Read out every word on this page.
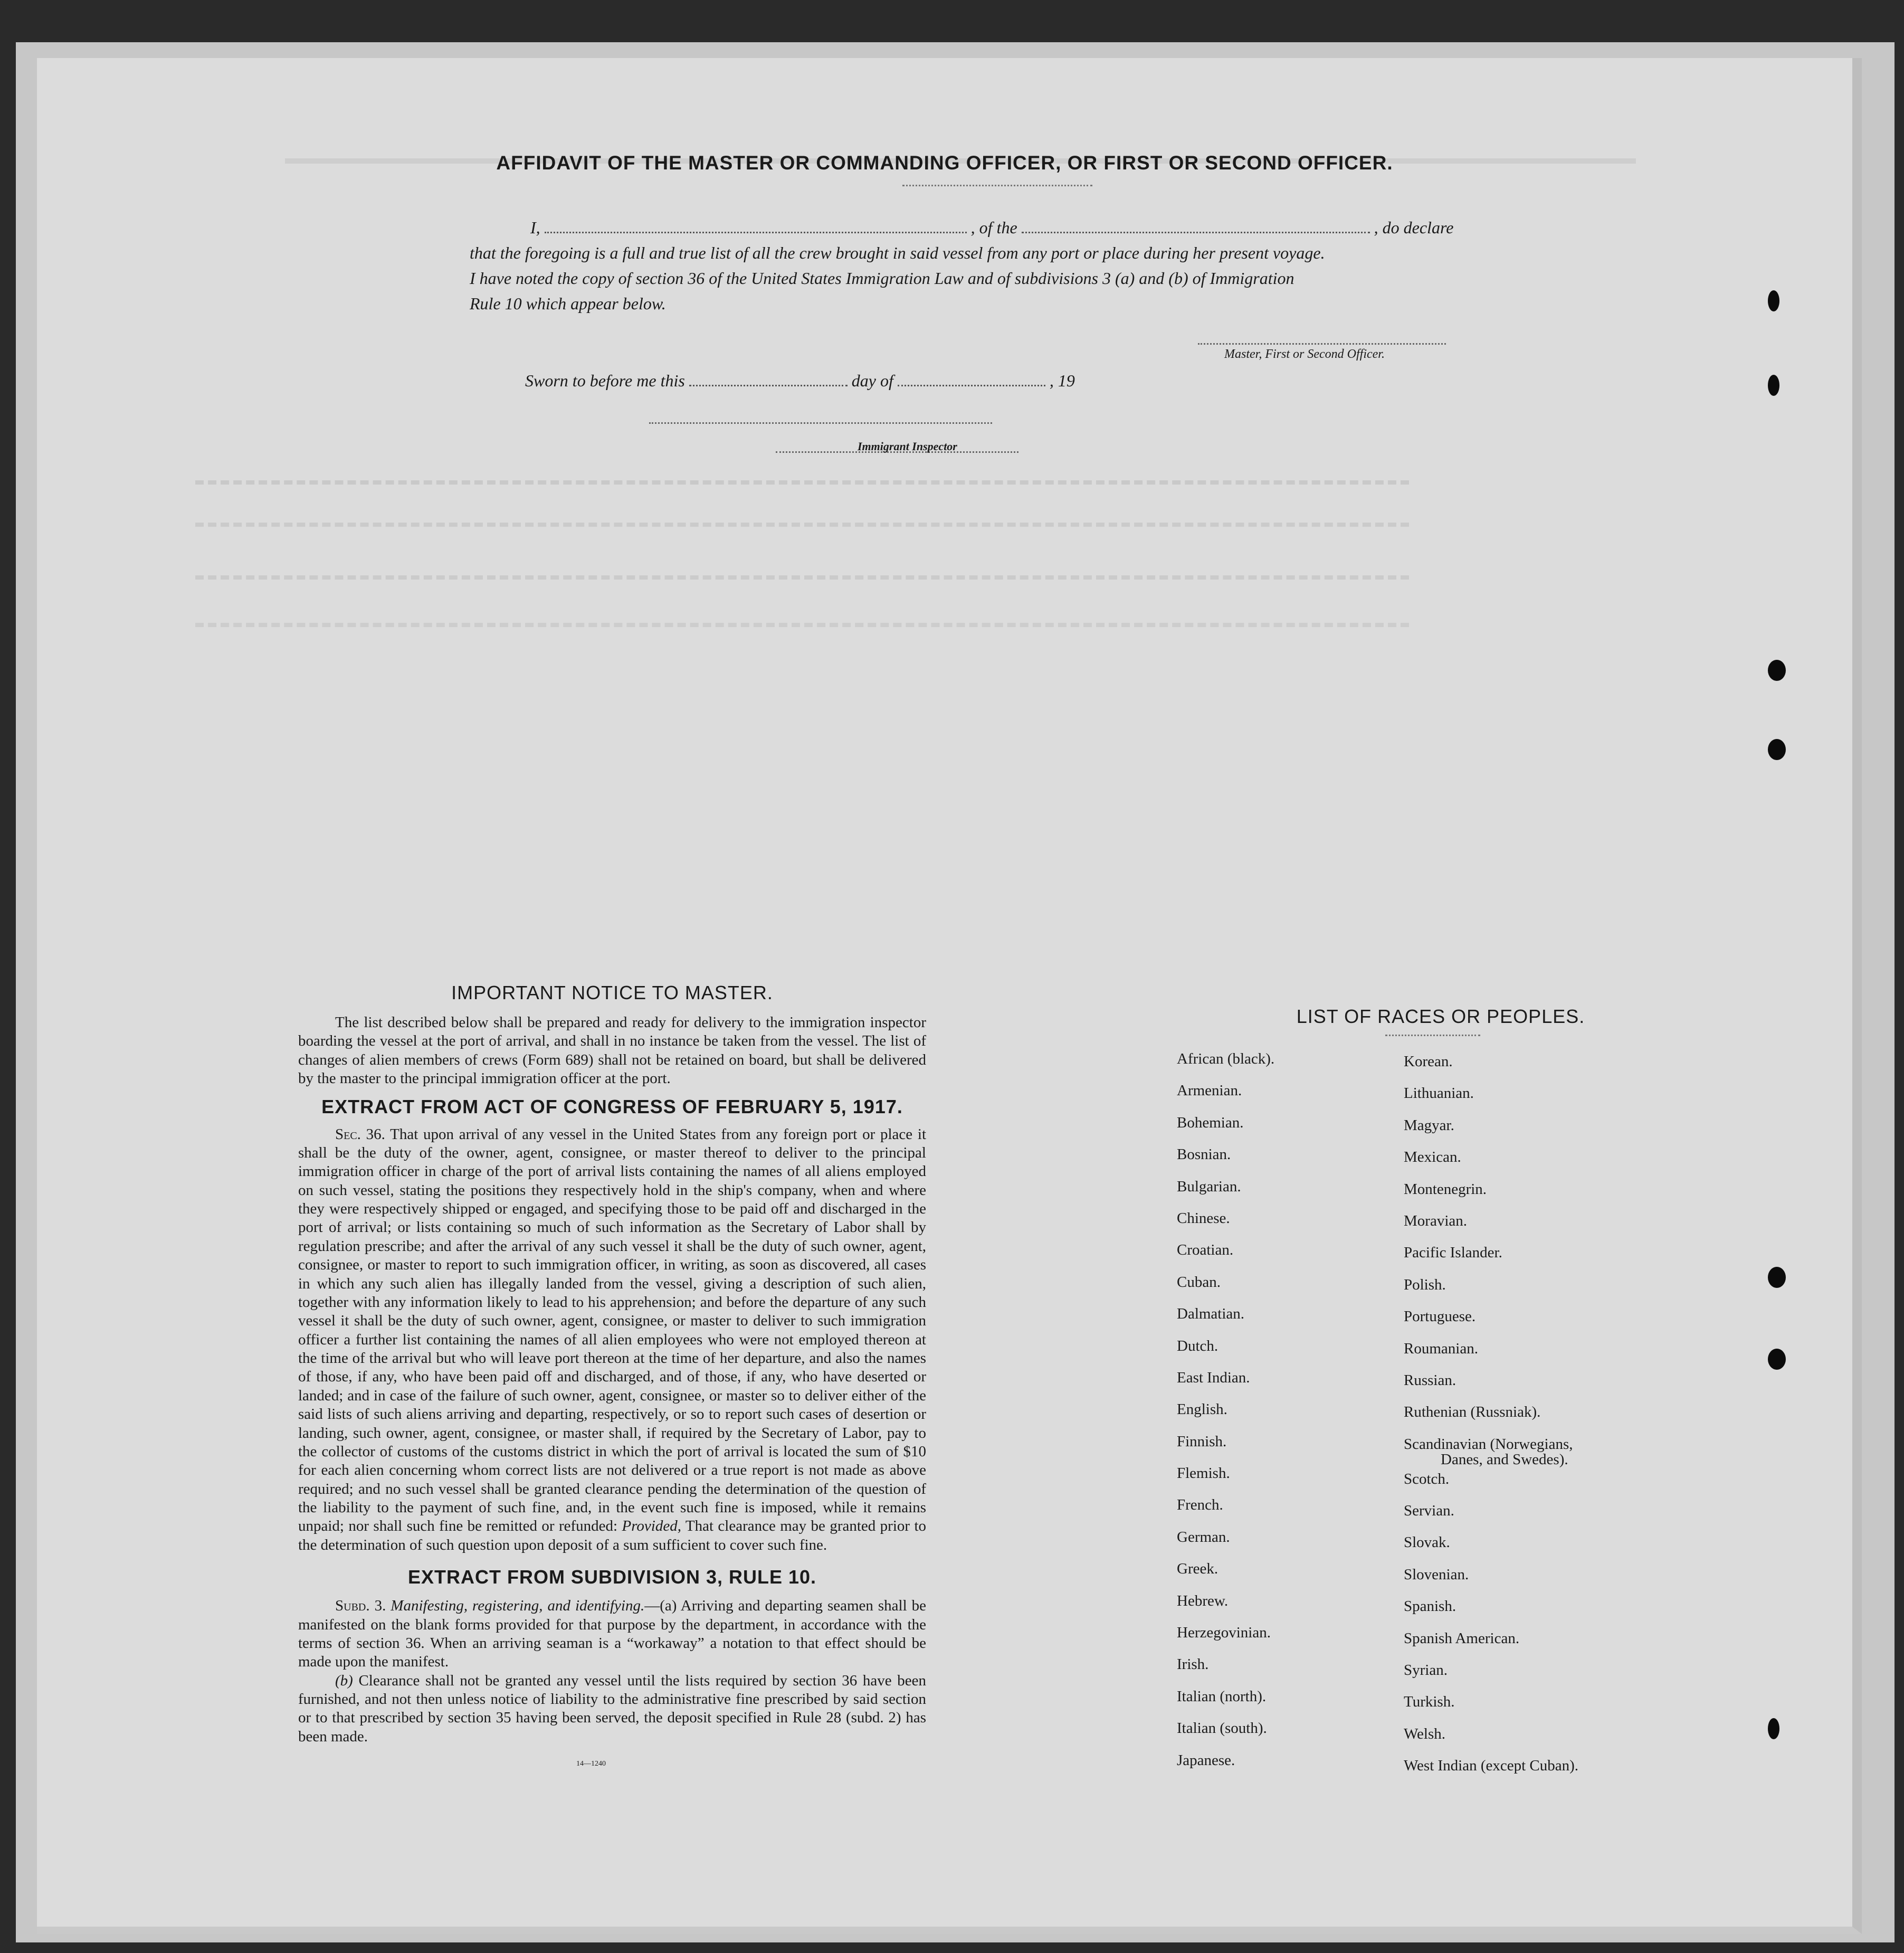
AFFIDAVIT OF THE MASTER OR COMMANDING OFFICER, OR FIRST OR SECOND OFFICER.
I,	, of the	, do declare
that the foregoing is a full and true list of all the crew brought in said vessel from any port or place during her present voyage.
I have noted the copy of section 36 of the United States Immigration Law and of subdivisions 3 (a) and (b) of Immigration
Rule 10 which appear below.
Master, First or Second Officer.
Sworn to before me this	day of	, 19
Immigrant Inspector
IMPORTANT NOTICE TO MASTER.

The list described below shall be prepared and ready for delivery to the immigration inspector boarding the vessel at the port of arrival, and shall in no instance be taken from the vessel. The list of changes of alien members of crews (Form 689) shall not be retained on board, but shall be delivered by the master to the principal immigration officer at the port.

EXTRACT FROM ACT OF CONGRESS OF FEBRUARY 5, 1917.

Sec. 36. That upon arrival of any vessel in the United States from any foreign port or place it shall be the duty of the owner, agent, consignee, or master thereof to deliver to the principal immigration officer in charge of the port of arrival lists containing the names of all aliens employed on such vessel, stating the positions they respectively hold in the ship's company, when and where they were respectively shipped or engaged, and specifying those to be paid off and discharged in the port of arrival; or lists containing so much of such information as the Secretary of Labor shall by regulation prescribe; and after the arrival of any such vessel it shall be the duty of such owner, agent, consignee, or master to report to such immigration officer, in writing, as soon as discovered, all cases in which any such alien has illegally landed from the vessel, giving a description of such alien, together with any information likely to lead to his apprehension; and before the departure of any such vessel it shall be the duty of such owner, agent, consignee, or master to deliver to such immigration officer a further list containing the names of all alien employees who were not employed thereon at the time of the arrival but who will leave port thereon at the time of her departure, and also the names of those, if any, who have been paid off and discharged, and of those, if any, who have deserted or landed; and in case of the failure of such owner, agent, consignee, or master so to deliver either of the said lists of such aliens arriving and departing, respectively, or so to report such cases of desertion or landing, such owner, agent, consignee, or master shall, if required by the Secretary of Labor, pay to the collector of customs of the customs district in which the port of arrival is located the sum of $10 for each alien concerning whom correct lists are not delivered or a true report is not made as above required; and no such vessel shall be granted clearance pending the determination of the question of the liability to the payment of such fine, and, in the event such fine is imposed, while it remains unpaid; nor shall such fine be remitted or refunded: Provided, That clearance may be granted prior to the determination of such question upon deposit of a sum sufficient to cover such fine.

EXTRACT FROM SUBDIVISION 3, RULE 10.

Subd. 3. Manifesting, registering, and identifying.—(a) Arriving and departing seamen shall be manifested on the blank forms provided for that purpose by the department, in accordance with the terms of section 36. When an arriving seaman is a “workaway” a notation to that effect should be made upon the manifest.

(b) Clearance shall not be granted any vessel until the lists required by section 36 have been furnished, and not then unless notice of liability to the administrative fine prescribed by said section or to that prescribed by section 35 having been served, the deposit specified in Rule 28 (subd. 2) has been made.

14—1240
LIST OF RACES OR PEOPLES.
African (black).
Armenian.
Bohemian.
Bosnian.
Bulgarian.
Chinese.
Croatian.
Cuban.
Dalmatian.
Dutch.
East Indian.
English.
Finnish.
Flemish.
French.
German.
Greek.
Hebrew.
Herzegovinian.
Irish.
Italian (north).
Italian (south).
Japanese.
Korean.
Lithuanian.
Magyar.
Mexican.
Montenegrin.
Moravian.
Pacific Islander.
Polish.
Portuguese.
Roumanian.
Russian.
Ruthenian (Russniak).
Scandinavian (Norwegians,
Danes, and Swedes).
Scotch.
Servian.
Slovak.
Slovenian.
Spanish.
Spanish American.
Syrian.
Turkish.
Welsh.
West Indian (except Cuban).
